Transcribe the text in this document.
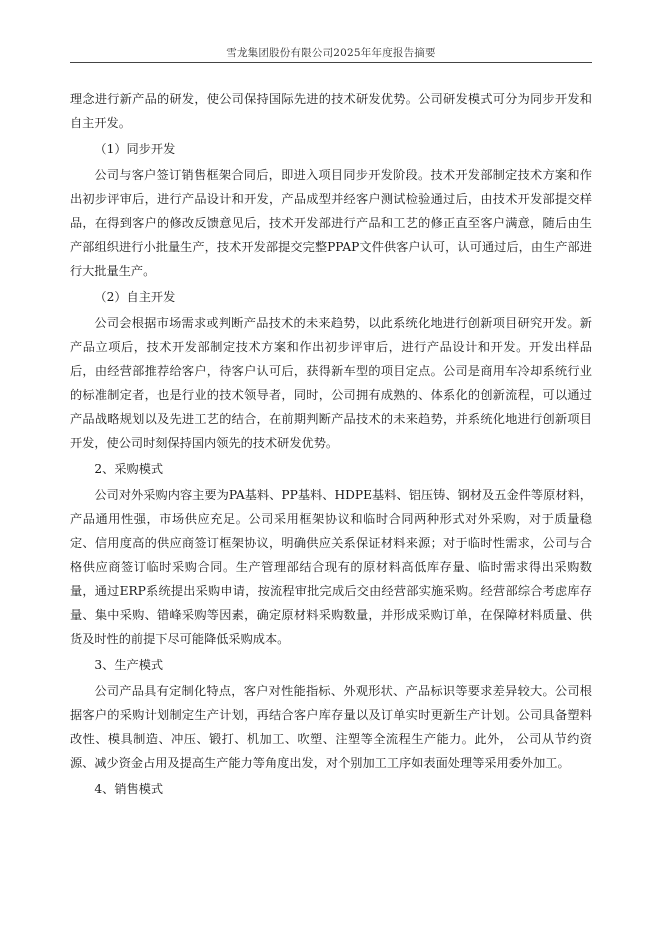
雪龙集团股份有限公司2025年年度报告摘要

理念进行新产品的研发，使公司保持国际先进的技术研发优势。公司研发模式可分为同步开发和自主开发。

（1）同步开发

公司与客户签订销售框架合同后，即进入项目同步开发阶段。技术开发部制定技术方案和作出初步评审后，进行产品设计和开发，产品成型并经客户测试检验通过后，由技术开发部提交样品，在得到客户的修改反馈意见后，技术开发部进行产品和工艺的修正直至客户满意，随后由生产部组织进行小批量生产，技术开发部提交完整PPAP文件供客户认可，认可通过后，由生产部进行大批量生产。

（2）自主开发

公司会根据市场需求或判断产品技术的未来趋势，以此系统化地进行创新项目研究开发。新产品立项后，技术开发部制定技术方案和作出初步评审后，进行产品设计和开发。开发出样品后，由经营部推荐给客户，待客户认可后，获得新车型的项目定点。公司是商用车冷却系统行业的标准制定者，也是行业的技术领导者，同时，公司拥有成熟的、体系化的创新流程，可以通过产品战略规划以及先进工艺的结合，在前期判断产品技术的未来趋势，并系统化地进行创新项目开发，使公司时刻保持国内领先的技术研发优势。

2、采购模式

公司对外采购内容主要为PA基料、PP基料、HDPE基料、铝压铸、钢材及五金件等原材料，产品通用性强，市场供应充足。公司采用框架协议和临时合同两种形式对外采购，对于质量稳定、信用度高的供应商签订框架协议，明确供应关系保证材料来源；对于临时性需求，公司与合格供应商签订临时采购合同。生产管理部结合现有的原材料高低库存量、临时需求得出采购数量，通过ERP系统提出采购申请，按流程审批完成后交由经营部实施采购。经营部综合考虑库存量、集中采购、错峰采购等因素，确定原材料采购数量，并形成采购订单，在保障材料质量、供货及时性的前提下尽可能降低采购成本。

3、生产模式

公司产品具有定制化特点，客户对性能指标、外观形状、产品标识等要求差异较大。公司根据客户的采购计划制定生产计划，再结合客户库存量以及订单实时更新生产计划。公司具备塑料改性、模具制造、冲压、锻打、机加工、吹塑、注塑等全流程生产能力。此外， 公司从节约资源、减少资金占用及提高生产能力等角度出发，对个别加工工序如表面处理等采用委外加工。

4、销售模式
